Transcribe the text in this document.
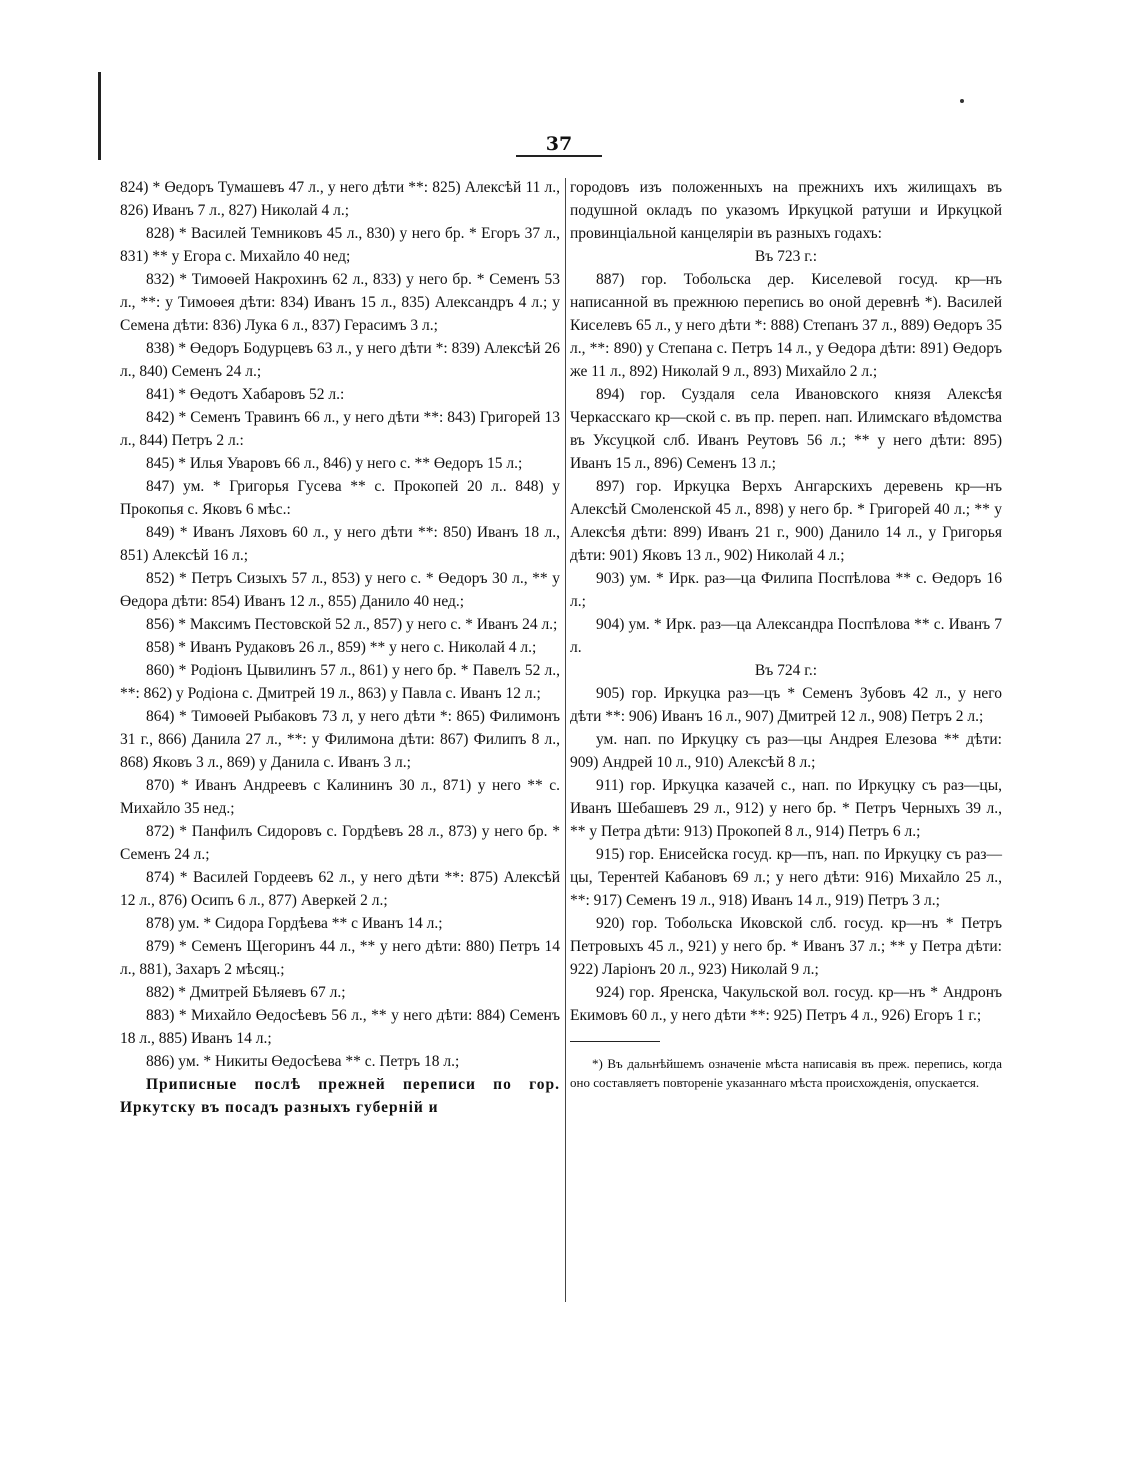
37

824) * Өедоръ Тумашевъ 47 л., у него дѣти **: 825) Алексѣй 11 л., 826) Иванъ 7 л., 827) Николай 4 л.;

828) * Василей Темниковъ 45 л., 830) у него бр. * Егоръ 37 л., 831) ** у Егора с. Михайло 40 нед;

832) * Тимоѳей Накрохинъ 62 л., 833) у него бр. * Семенъ 53 л., **: у Тимоѳея дѣти: 834) Иванъ 15 л., 835) Александръ 4 л.; у Семена дѣти: 836) Лука 6 л., 837) Герасимъ 3 л.;

838) * Өедоръ Бодурцевъ 63 л., у него дѣти *: 839) Алексѣй 26 л., 840) Семенъ 24 л.;

841) * Өедотъ Хабаровъ 52 л.:

842) * Семенъ Травинъ 66 л., у него дѣти **: 843) Григорей 13 л., 844) Петръ 2 л.:

845) * Илья Уваровъ 66 л., 846) у него с. ** Өедоръ 15 л.;

847) ум. * Григорья Гусева ** с. Прокопей 20 л.. 848) у Прокопья с. Яковъ 6 мѣс.:

849) * Иванъ Ляховъ 60 л., у него дѣти **: 850) Иванъ 18 л., 851) Алексѣй 16 л.;

852) * Петръ Сизыхъ 57 л., 853) у него с. * Өедоръ 30 л., ** у Өедора дѣти: 854) Иванъ 12 л., 855) Данило 40 нед.;

856) * Максимъ Пестовской 52 л., 857) у него с. * Иванъ 24 л.;

858) * Иванъ Рудаковъ 26 л., 859) ** у него с. Николай 4 л.;

860) * Родіонъ Цывилинъ 57 л., 861) у него бр. * Павелъ 52 л., **: 862) у Родіона с. Дмитрей 19 л., 863) у Павла с. Иванъ 12 л.;

864) * Тимоѳей Рыбаковъ 73 л, у него дѣти *: 865) Филимонъ 31 г., 866) Данила 27 л., **: у Филимона дѣти: 867) Филипъ 8 л., 868) Яковъ 3 л., 869) у Данила с. Иванъ 3 л.;

870) * Иванъ Андреевъ с Калининъ 30 л., 871) у него ** с. Михайло 35 нед.;

872) * Панфилъ Сидоровъ с. Гордѣевъ 28 л., 873) у него бр. * Семенъ 24 л.;

874) * Василей Гордеевъ 62 л., у него дѣти **: 875) Алексѣй 12 л., 876) Осипъ 6 л., 877) Аверкей 2 л.;

878) ум. * Сидора Гордѣева ** с Иванъ 14 л.;

879) * Семенъ Щегоринъ 44 л., ** у него дѣти: 880) Петръ 14 л., 881), Захаръ 2 мѣсяц.;

882) * Дмитрей Бѣляевъ 67 л.;

883) * Михайло Өедосѣевъ 56 л., ** у него дѣти: 884) Семенъ 18 л., 885) Иванъ 14 л.;

886) ум. * Никиты Өедосѣева ** с. Петръ 18 л.;

Приписные послѣ прежней переписи по гор. Иркутску въ посадъ разныхъ губерній и

городовъ изъ положенныхъ на прежнихъ ихъ жилищахъ въ подушной окладъ по указомъ Иркуцкой ратуши и Иркуцкой провинціальной канцеляріи въ разныхъ годахъ:

Въ 723 г.:

887) гор. Тобольска дер. Киселевой госуд. кр—нъ написанной въ прежнюю перепись во оной деревнѣ *). Василей Киселевъ 65 л., у него дѣти *: 888) Степанъ 37 л., 889) Өедоръ 35 л., **: 890) у Степана с. Петръ 14 л., у Өедора дѣти: 891) Өедоръ же 11 л., 892) Николай 9 л., 893) Михайло 2 л.;

894) гор. Суздаля села Ивановского князя Алексѣя Черкасскаго кр—ской с. въ пр. переп. нап. Илимскаго вѣдомства въ Уксуцкой слб. Иванъ Реутовъ 56 л.; ** у него дѣти: 895) Иванъ 15 л., 896) Семенъ 13 л.;

897) гор. Иркуцка Верхъ Ангарскихъ деревень кр—нъ Алексѣй Смоленской 45 л., 898) у него бр. * Григорей 40 л.; ** у Алексѣя дѣти: 899) Иванъ 21 г., 900) Данило 14 л., у Григорья дѣти: 901) Яковъ 13 л., 902) Николай 4 л.;

903) ум. * Ирк. раз—ца Филипа Поспѣлова ** с. Өедоръ 16 л.;

904) ум. * Ирк. раз—ца Александра Поспѣлова ** с. Иванъ 7 л.

Въ 724 г.:

905) гор. Иркуцка раз—цъ * Семенъ Зубовъ 42 л., у него дѣти **: 906) Иванъ 16 л., 907) Дмитрей 12 л., 908) Петръ 2 л.;

ум. нап. по Иркуцку съ раз—цы Андрея Елезова ** дѣти: 909) Андрей 10 л., 910) Алексѣй 8 л.;

911) гор. Иркуцка казачей с., нап. по Иркуцку съ раз—цы, Иванъ Шебашевъ 29 л., 912) у него бр. * Петръ Черныхъ 39 л., ** у Петра дѣти: 913) Прокопей 8 л., 914) Петръ 6 л.;

915) гор. Енисейска госуд. кр—пъ, нап. по Иркуцку съ раз—цы, Терентей Кабановъ 69 л.; у него дѣти: 916) Михайло 25 л., **: 917) Семенъ 19 л., 918) Иванъ 14 л., 919) Петръ 3 л.;

920) гор. Тобольска Иковской слб. госуд. кр—нъ * Петръ Петровыхъ 45 л., 921) у него бр. * Иванъ 37 л.; ** у Петра дѣти: 922) Ларіонъ 20 л., 923) Николай 9 л.;

924) гор. Яренска, Чакульской вол. госуд. кр—нъ * Андронъ Екимовъ 60 л., у него дѣти **: 925) Петръ 4 л., 926) Егоръ 1 г.;

*) Въ дальнѣйшемъ означеніе мѣста написавія въ преж. перепись, когда оно составляетъ повтореніе указаннаго мѣста происхожденія, опускается.
